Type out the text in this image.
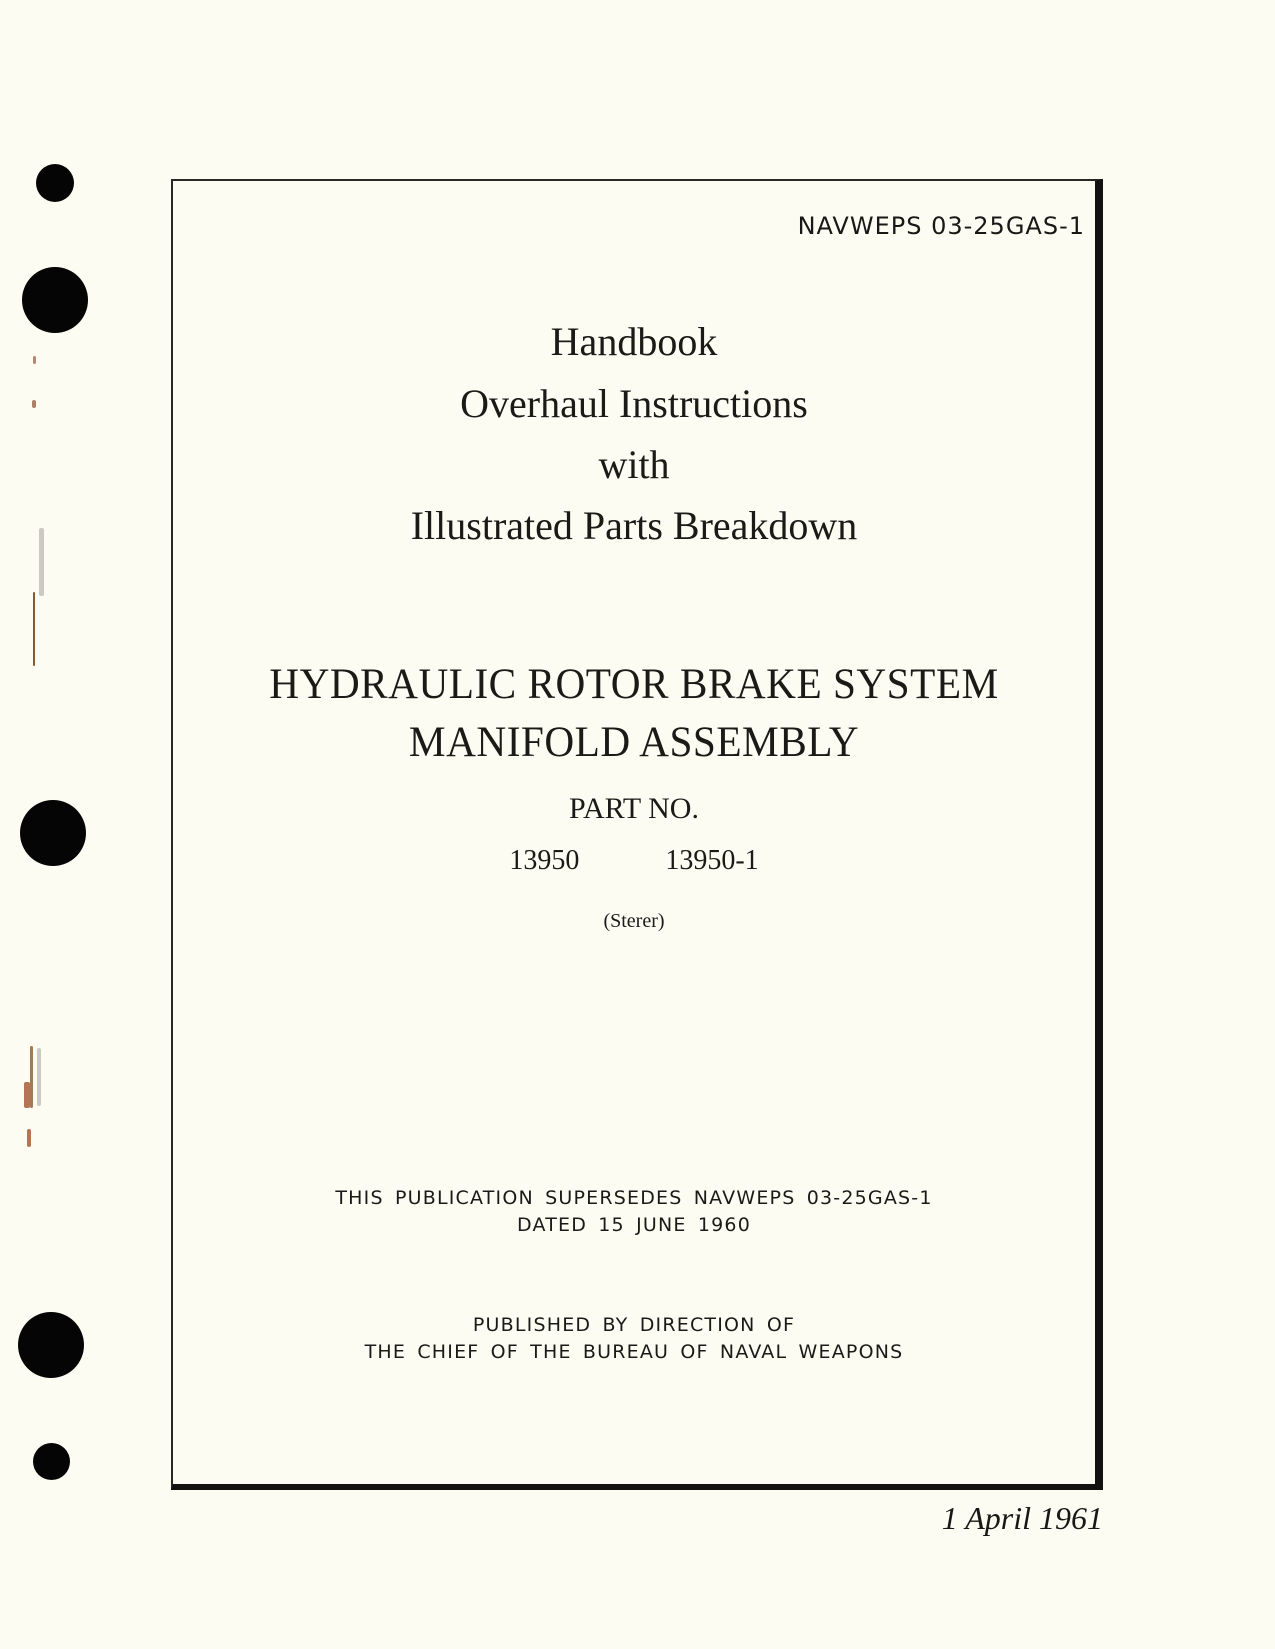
NAVWEPS 03-25GAS-1
Handbook
Overhaul Instructions
with
Illustrated Parts Breakdown
HYDRAULIC ROTOR BRAKE SYSTEM
MANIFOLD ASSEMBLY
PART NO.
13950	13950-1
(Sterer)
THIS PUBLICATION SUPERSEDES NAVWEPS 03-25GAS-1
DATED 15 JUNE 1960
PUBLISHED BY DIRECTION OF
THE CHIEF OF THE BUREAU OF NAVAL WEAPONS
1 April 1961
